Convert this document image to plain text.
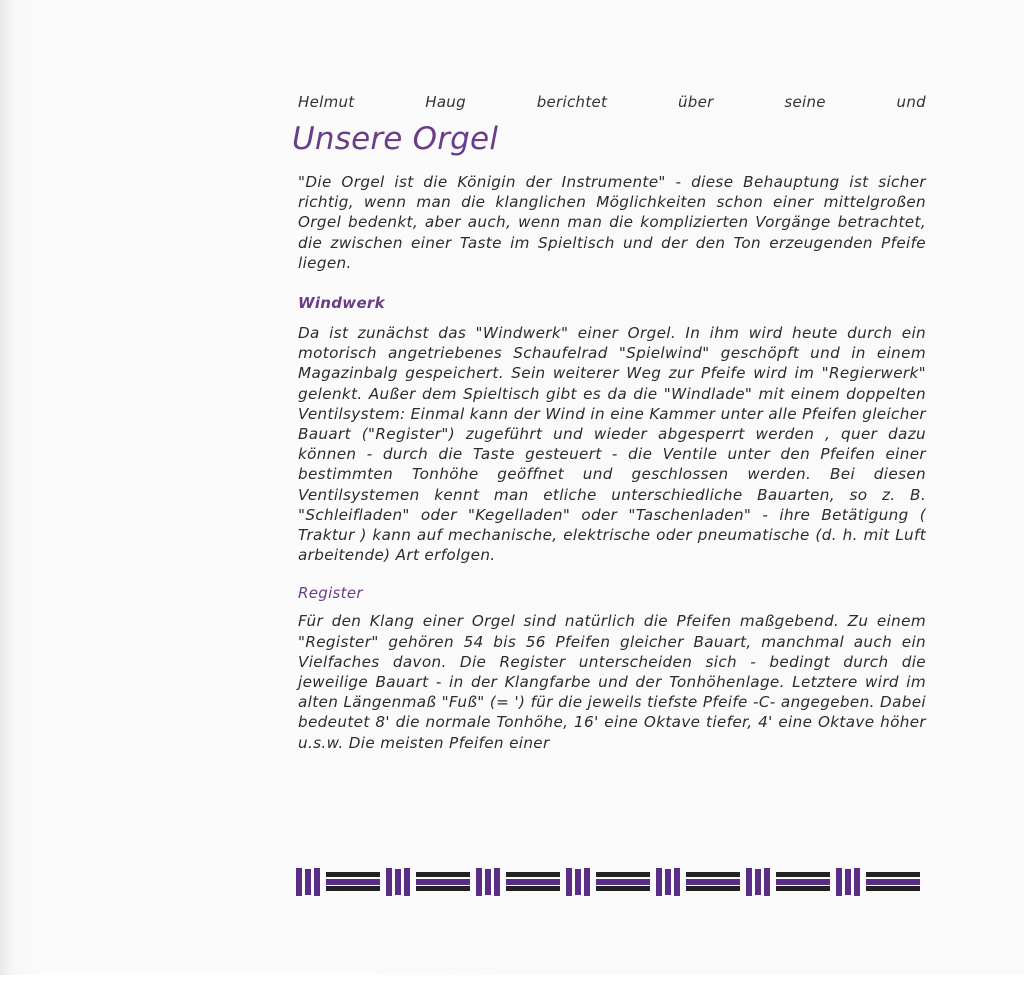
Helmut	Haug	berichtet	über	seine	und
Unsere Orgel

"Die Orgel ist die Königin der Instrumente" - diese Behauptung ist sicher richtig, wenn man die klanglichen Möglichkeiten schon einer mittelgroßen Orgel bedenkt, aber auch, wenn man die komplizierten Vorgänge betrachtet, die zwischen einer Taste im Spieltisch und der den Ton erzeugenden Pfeife liegen.

Windwerk

Da ist zunächst das "Windwerk" einer Orgel. In ihm wird heute durch ein motorisch angetriebenes Schaufelrad "Spielwind" geschöpft und in einem Magazinbalg gespeichert. Sein weiterer Weg zur Pfeife wird im "Regierwerk" gelenkt. Außer dem Spieltisch gibt es da die "Windlade" mit einem doppelten Ventilsystem: Einmal kann der Wind in eine Kammer unter alle Pfeifen gleicher Bauart ("Register") zugeführt und wieder abgesperrt werden , quer dazu können - durch die Taste gesteuert - die Ventile unter den Pfeifen einer bestimmten Tonhöhe geöffnet und geschlossen werden. Bei diesen Ventilsystemen kennt man etliche unterschiedliche Bauarten, so z. B. "Schleifladen" oder "Kegelladen" oder "Taschenladen" - ihre Betätigung ( Traktur ) kann auf mechanische, elektrische oder pneumatische (d. h. mit Luft arbeitende) Art erfolgen.

Register

Für den Klang einer Orgel sind natürlich die Pfeifen maßgebend. Zu einem "Register" gehören 54 bis 56 Pfeifen gleicher Bauart, manchmal auch ein Vielfaches davon. Die Register unterscheiden sich - bedingt durch die jeweilige Bauart - in der Klangfarbe und der Tonhöhenlage. Letztere wird im alten Längenmaß "Fuß" (= ') für die jeweils tiefste Pfeife -C- angegeben. Dabei bedeutet 8' die normale Tonhöhe, 16' eine Oktave tiefer, 4' eine Oktave höher u.s.w. Die meisten Pfeifen einer
